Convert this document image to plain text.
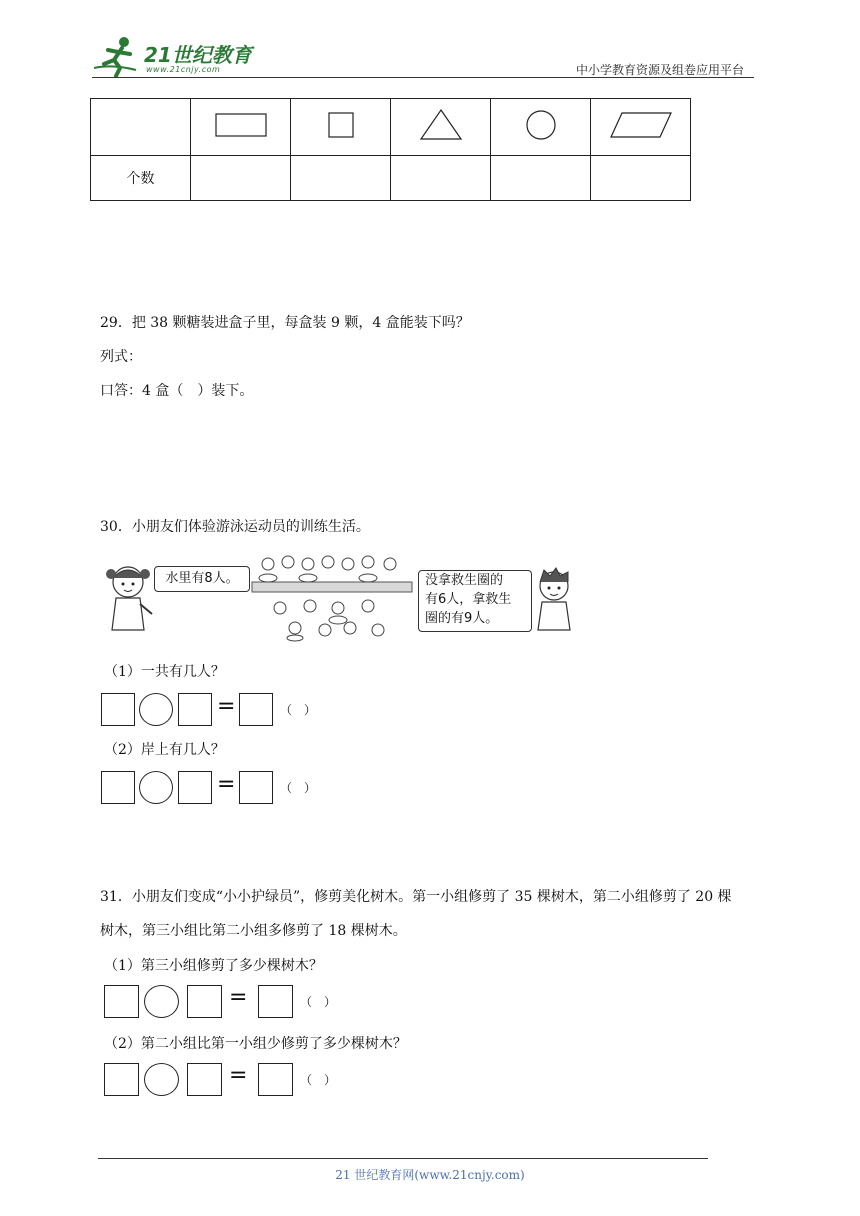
21世纪教育
www.21cnjy.com	中小学教育资源及组卷应用平台

个数					
29．把 38 颗糖装进盒子里，每盒装 9 颗，4 盒能装下吗？
列式：
口答：4 盒（　）装下。
30．小朋友们体验游泳运动员的训练生活。
水里有8人。	没拿救生圈的
有6人，拿救生
圈的有9人。
（1）一共有几人？
=	（　）
（2）岸上有几人？
=	（　）
31．小朋友们变成“小小护绿员”，修剪美化树木。第一小组修剪了 35 棵树木，第二小组修剪了 20 棵
树木，第三小组比第二小组多修剪了 18 棵树木。
（1）第三小组修剪了多少棵树木？
=	（　）
（2）第二小组比第一小组少修剪了多少棵树木？
=	（　）
21 世纪教育网(www.21cnjy.com)
